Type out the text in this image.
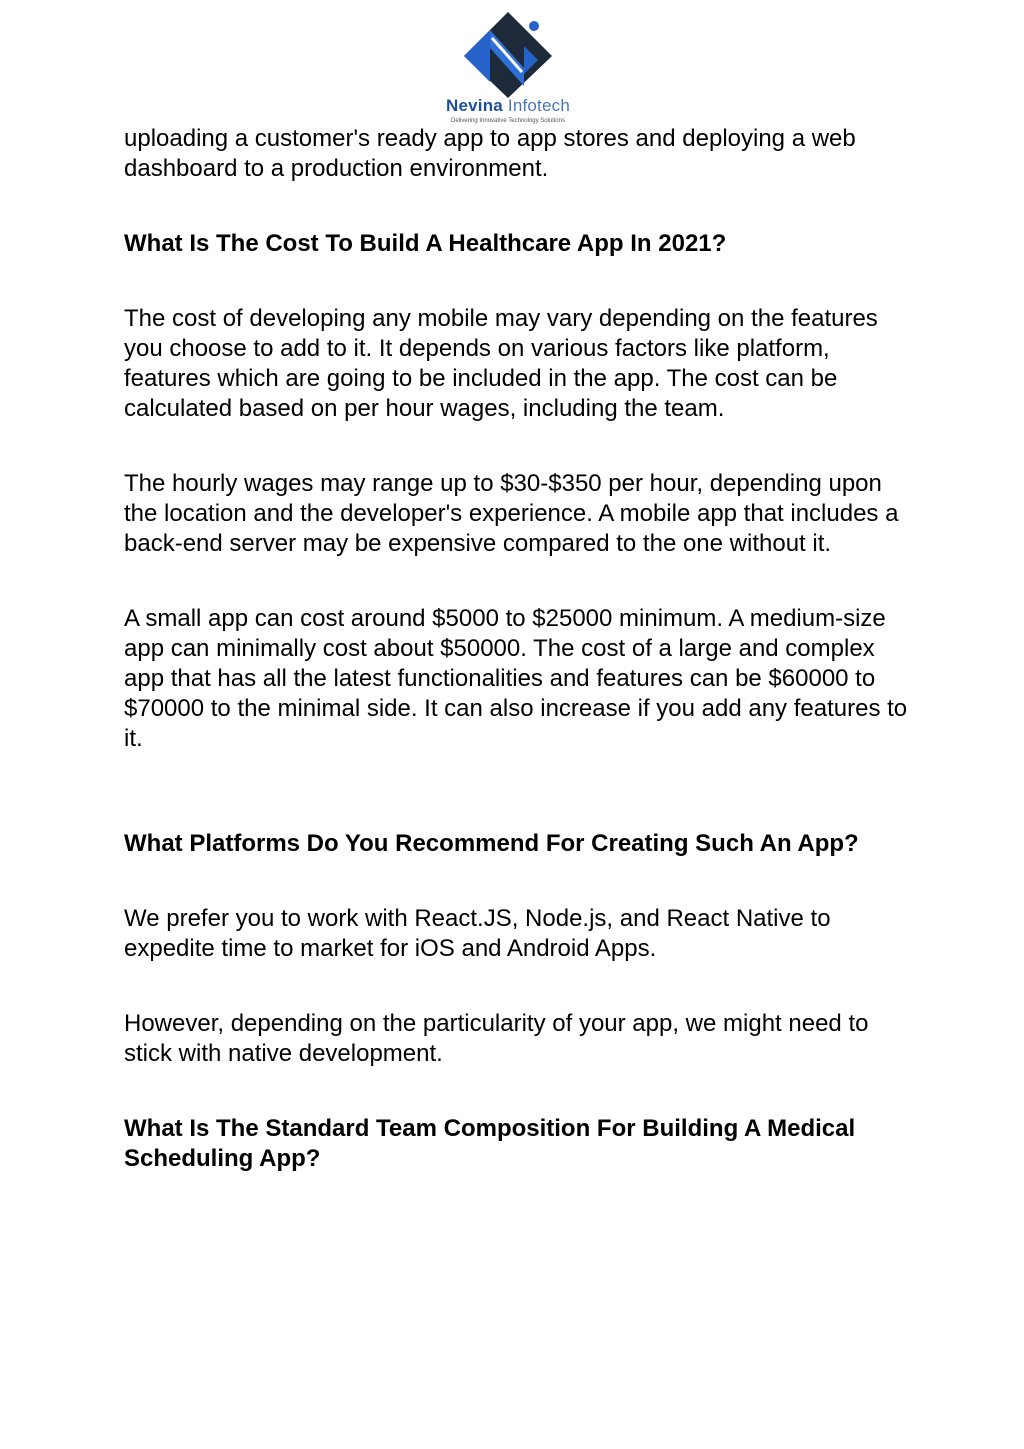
Nevina Infotech
Delivering Innovative Technology Solutions

uploading a customer's ready app to app stores and deploying a web dashboard to a production environment.

What Is The Cost To Build A Healthcare App In 2021?

The cost of developing any mobile may vary depending on the features you choose to add to it. It depends on various factors like platform, features which are going to be included in the app. The cost can be calculated based on per hour wages, including the team.

The hourly wages may range up to $30-$350 per hour, depending upon the location and the developer's experience. A mobile app that includes a back-end server may be expensive compared to the one without it.

A small app can cost around $5000 to $25000 minimum. A medium-size app can minimally cost about $50000. The cost of a large and complex app that has all the latest functionalities and features can be $60000 to $70000 to the minimal side. It can also increase if you add any features to it.

What Platforms Do You Recommend For Creating Such An App?

We prefer you to work with React.JS, Node.js, and React Native to expedite time to market for iOS and Android Apps.

However, depending on the particularity of your app, we might need to stick with native development.

What Is The Standard Team Composition For Building A Medical Scheduling App?
